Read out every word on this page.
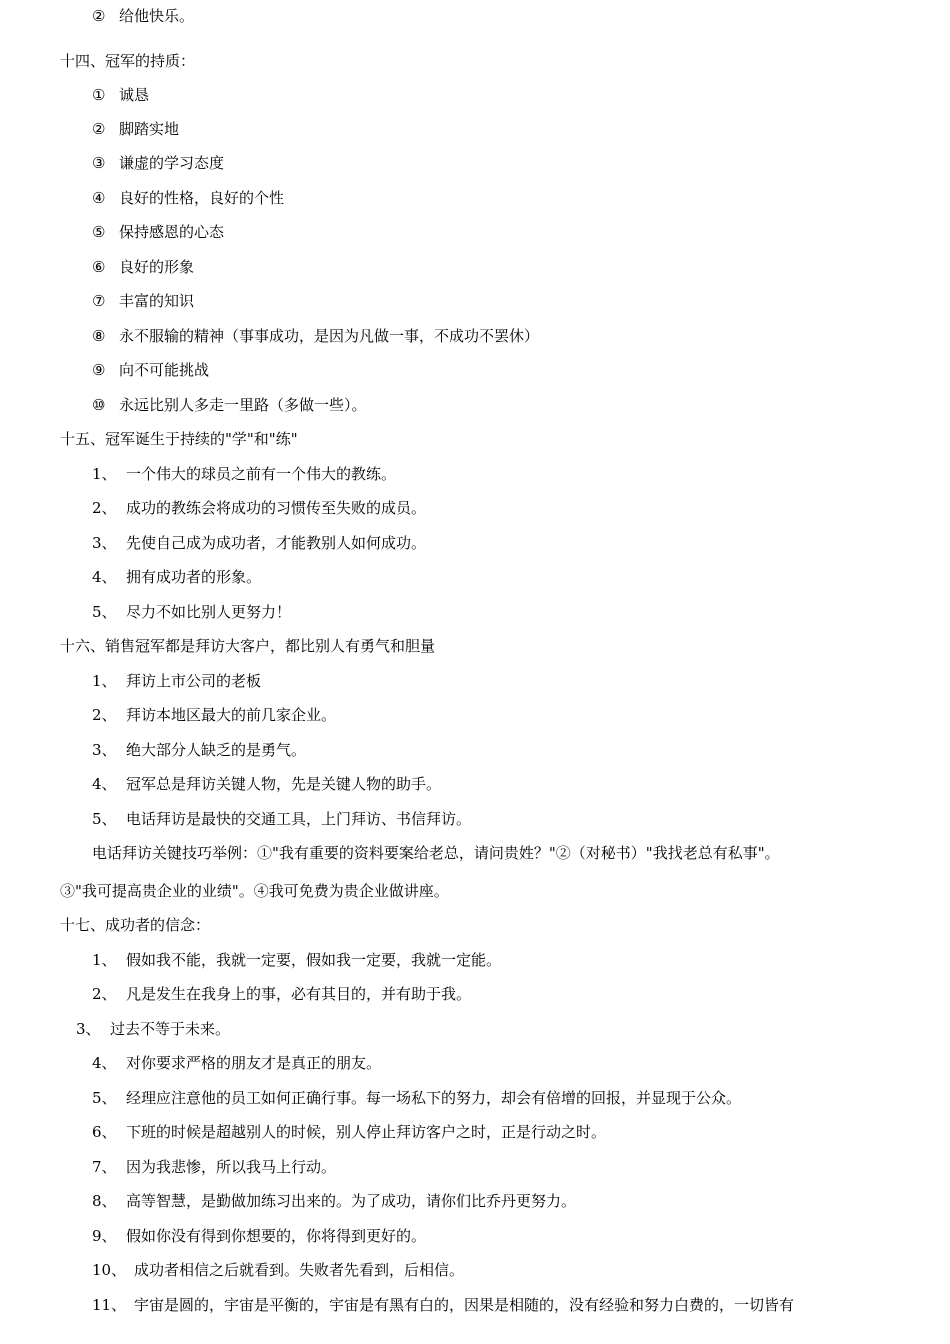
② 给他快乐。
十四、冠军的持质：
① 诚恳
② 脚踏实地
③ 谦虚的学习态度
④ 良好的性格，良好的个性
⑤ 保持感恩的心态
⑥ 良好的形象
⑦ 丰富的知识
⑧ 永不服输的精神（事事成功，是因为凡做一事，不成功不罢休）
⑨ 向不可能挑战
⑩ 永远比别人多走一里路（多做一些）。
十五、冠军诞生于持续的"学"和"练"
1、 一个伟大的球员之前有一个伟大的教练。
2、 成功的教练会将成功的习惯传至失败的成员。
3、 先使自己成为成功者，才能教别人如何成功。
4、 拥有成功者的形象。
5、 尽力不如比别人更努力！
十六、销售冠军都是拜访大客户，都比别人有勇气和胆量
1、 拜访上市公司的老板
2、 拜访本地区最大的前几家企业。
3、 绝大部分人缺乏的是勇气。
4、 冠军总是拜访关键人物，先是关键人物的助手。
5、 电话拜访是最快的交通工具，上门拜访、书信拜访。
电话拜访关键技巧举例：①"我有重要的资料要案给老总，请问贵姓？"②（对秘书）"我找老总有私事"。
③"我可提高贵企业的业绩"。④我可免费为贵企业做讲座。
十七、成功者的信念：
1、 假如我不能，我就一定要，假如我一定要，我就一定能。
2、 凡是发生在我身上的事，必有其目的，并有助于我。
3、 过去不等于未来。
4、 对你要求严格的朋友才是真正的朋友。
5、 经理应注意他的员工如何正确行事。每一场私下的努力，却会有倍增的回报，并显现于公众。
6、 下班的时候是超越别人的时候，别人停止拜访客户之时，正是行动之时。
7、 因为我悲惨，所以我马上行动。
8、 高等智慧，是勤做加练习出来的。为了成功，请你们比乔丹更努力。
9、 假如你没有得到你想要的，你将得到更好的。
10、 成功者相信之后就看到。失败者先看到，后相信。
11、 宇宙是圆的，宇宙是平衡的，宇宙是有黑有白的，因果是相随的，没有经验和努力白费的，一切皆有
